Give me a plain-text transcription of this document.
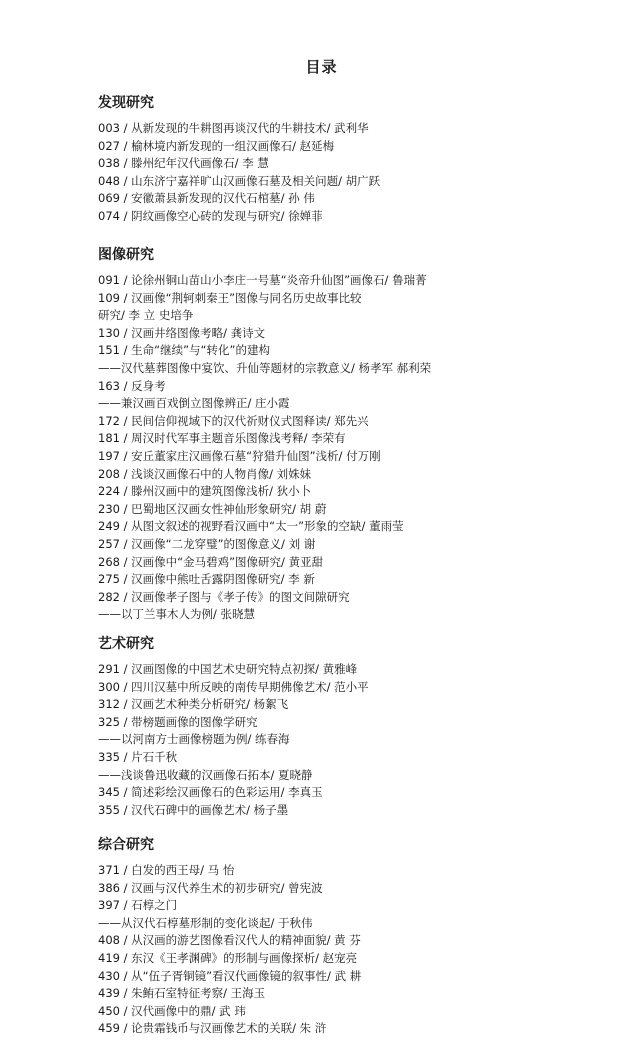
目录
发现研究
003 / 从新发现的牛耕图再谈汉代的牛耕技术/ 武利华
027 / 榆林境内新发现的一组汉画像石/ 赵延梅
038 / 滕州纪年汉代画像石/ 李 慧
048 / 山东济宁嘉祥旷山汉画像石墓及相关问题/ 胡广跃
069 / 安徽萧县新发现的汉代石棺墓/ 孙 伟
074 / 阴纹画像空心砖的发现与研究/ 徐婵菲
图像研究
091 / 论徐州铜山苗山小李庄一号墓“炎帝升仙图”画像石/ 鲁瑞菁
109 / 汉画像“荆轲刺秦王”图像与同名历史故事比较
研究/ 李 立 史培争
130 / 汉画井络图像考略/ 龚诗文
151 / 生命“继续”与“转化”的建构
——汉代墓葬图像中宴饮、升仙等题材的宗教意义/ 杨孝军 郝利荣
163 / 反身考
——兼汉画百戏倒立图像辨正/ 庄小霞
172 / 民间信仰视域下的汉代祈财仪式图释读/ 郑先兴
181 / 周汉时代军事主题音乐图像浅考释/ 李荣有
197 / 安丘董家庄汉画像石墓“狩猎升仙图”浅析/ 付万刚
208 / 浅谈汉画像石中的人物肖像/ 刘姝妹
224 / 滕州汉画中的建筑图像浅析/ 狄小卜
230 / 巴蜀地区汉画女性神仙形象研究/ 胡 蔚
249 / 从图文叙述的视野看汉画中“太一”形象的空缺/ 董雨莹
257 / 汉画像“二龙穿璧”的图像意义/ 刘 谢
268 / 汉画像中“金马碧鸡”图像研究/ 黄亚甜
275 / 汉画像中熊吐舌露阴图像研究/ 李 新
282 / 汉画像孝子图与《孝子传》的图文间隙研究
——以丁兰事木人为例/ 张晓慧
艺术研究
291 / 汉画图像的中国艺术史研究特点初探/ 黄雅峰
300 / 四川汉墓中所反映的南传早期佛像艺术/ 范小平
312 / 汉画艺术种类分析研究/ 杨絮飞
325 / 带榜题画像的图像学研究
——以河南方士画像榜题为例/ 练春海
335 / 片石千秋
——浅谈鲁迅收藏的汉画像石拓本/ 夏晓静
345 / 简述彩绘汉画像石的色彩运用/ 李真玉
355 / 汉代石碑中的画像艺术/ 杨子墨
综合研究
371 / 白发的西王母/ 马 怡
386 / 汉画与汉代养生术的初步研究/ 曾宪波
397 / 石椁之门
——从汉代石椁墓形制的变化谈起/ 于秋伟
408 / 从汉画的游艺图像看汉代人的精神面貌/ 黄 芬
419 / 东汉《王孝渊碑》的形制与画像探析/ 赵宠亮
430 / 从“伍子胥铜镜”看汉代画像镜的叙事性/ 武 耕
439 / 朱鲔石室特征考察/ 王海玉
450 / 汉代画像中的鼎/ 武 玮
459 / 论贵霜钱币与汉画像艺术的关联/ 朱 浒
